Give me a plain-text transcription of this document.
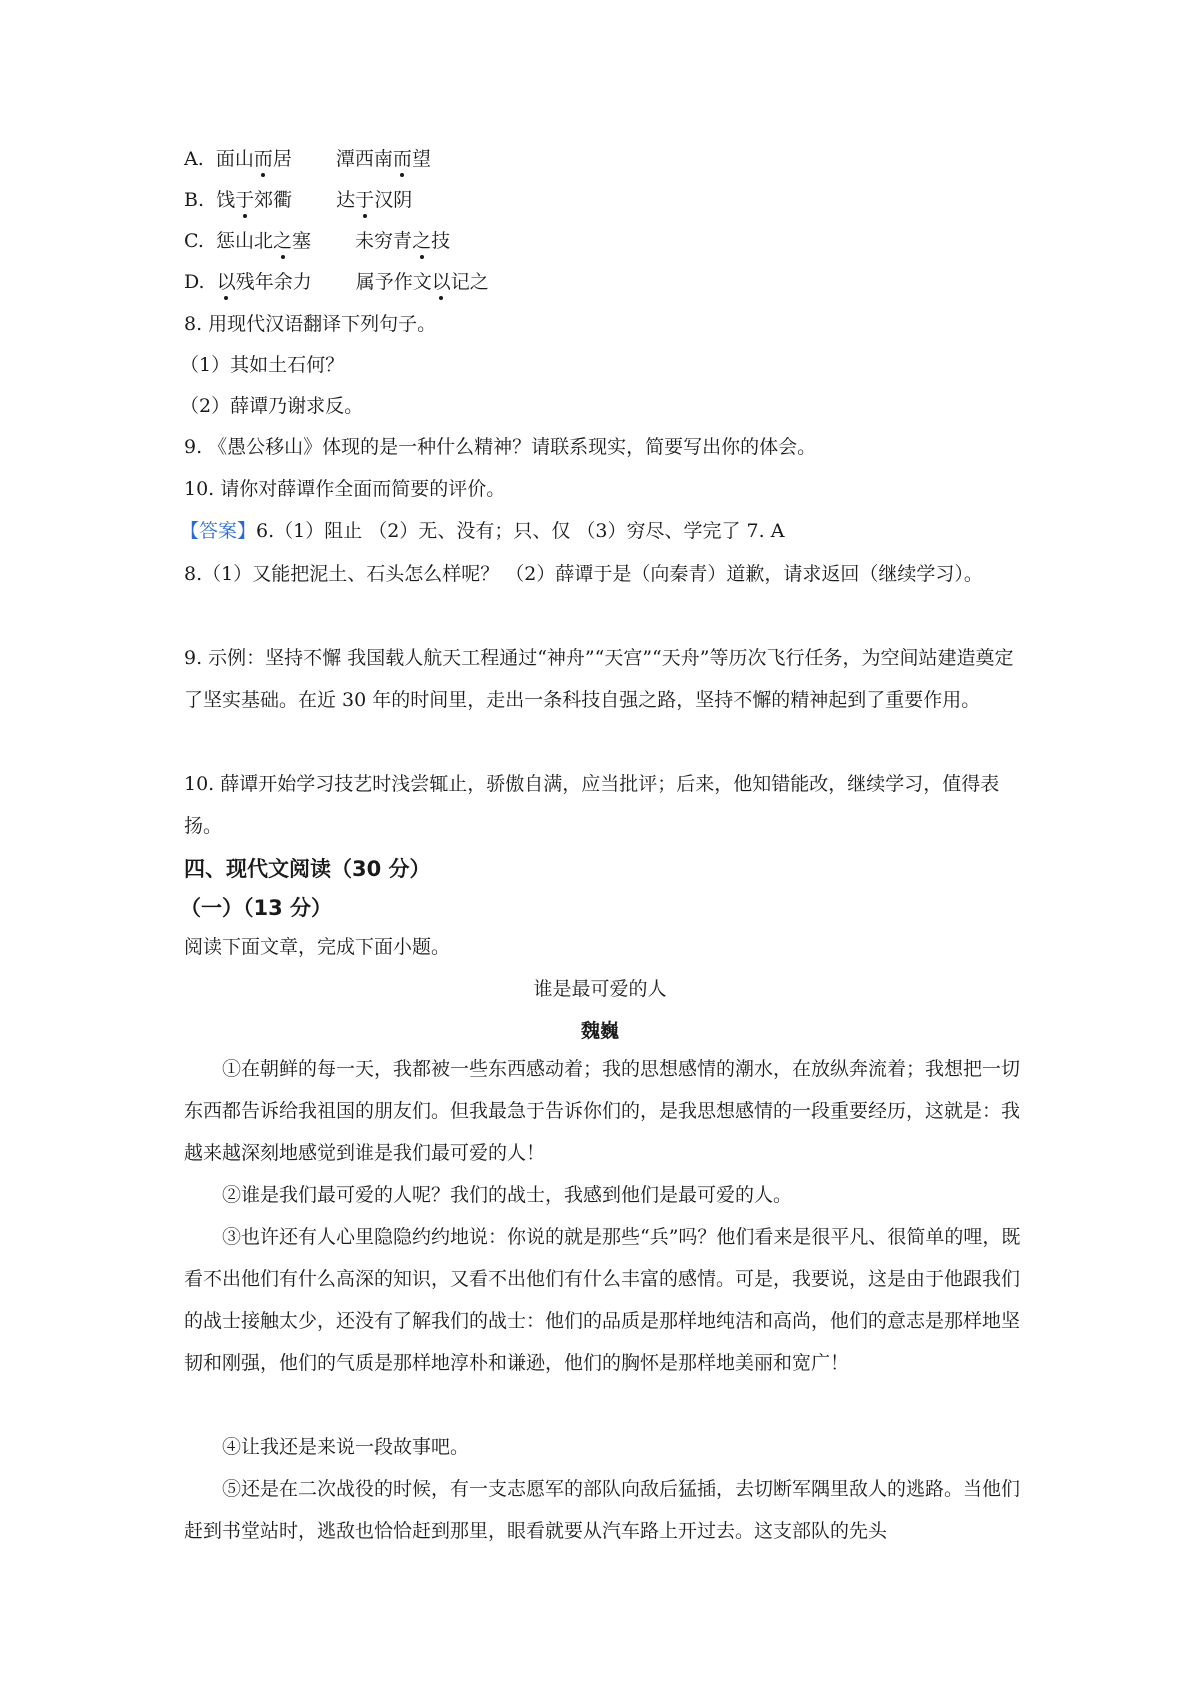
A. 面山而居 潭西南而望
B. 饯于郊衢 达于汉阴
C. 惩山北之塞 未穷青之技
D. 以残年余力 属予作文以记之
8. 用现代汉语翻译下列句子。
（1）其如土石何？
（2）薛谭乃谢求反。
9. 《愚公移山》体现的是一种什么精神？请联系现实，简要写出你的体会。
10. 请你对薛谭作全面而简要的评价。
【答案】6.（1）阻止 （2）无、没有；只、仅 （3）穷尽、学完了 7. A
8.（1）又能把泥土、石头怎么样呢？ （2）薛谭于是（向秦青）道歉，请求返回（继续学习）。
9. 示例：坚持不懈 我国载人航天工程通过“神舟”“天宫”“天舟”等历次飞行任务，为空间站建造奠定了坚实基础。在近 30 年的时间里，走出一条科技自强之路，坚持不懈的精神起到了重要作用。
10. 薛谭开始学习技艺时浅尝辄止，骄傲自满，应当批评；后来，他知错能改，继续学习，值得表扬。
四、现代文阅读（30 分）
（一）（13 分）
阅读下面文章，完成下面小题。
谁是最可爱的人
魏巍
①在朝鲜的每一天，我都被一些东西感动着；我的思想感情的潮水，在放纵奔流着；我想把一切东西都告诉给我祖国的朋友们。但我最急于告诉你们的，是我思想感情的一段重要经历，这就是：我越来越深刻地感觉到谁是我们最可爱的人！
②谁是我们最可爱的人呢？我们的战士，我感到他们是最可爱的人。
③也许还有人心里隐隐约约地说：你说的就是那些“兵”吗？他们看来是很平凡、很简单的哩，既看不出他们有什么高深的知识，又看不出他们有什么丰富的感情。可是，我要说，这是由于他跟我们的战士接触太少，还没有了解我们的战士：他们的品质是那样地纯洁和高尚，他们的意志是那样地坚韧和刚强，他们的气质是那样地淳朴和谦逊，他们的胸怀是那样地美丽和宽广！
④让我还是来说一段故事吧。
⑤还是在二次战役的时候，有一支志愿军的部队向敌后猛插，去切断军隅里敌人的逃路。当他们赶到书堂站时，逃敌也恰恰赶到那里，眼看就要从汽车路上开过去。这支部队的先头
